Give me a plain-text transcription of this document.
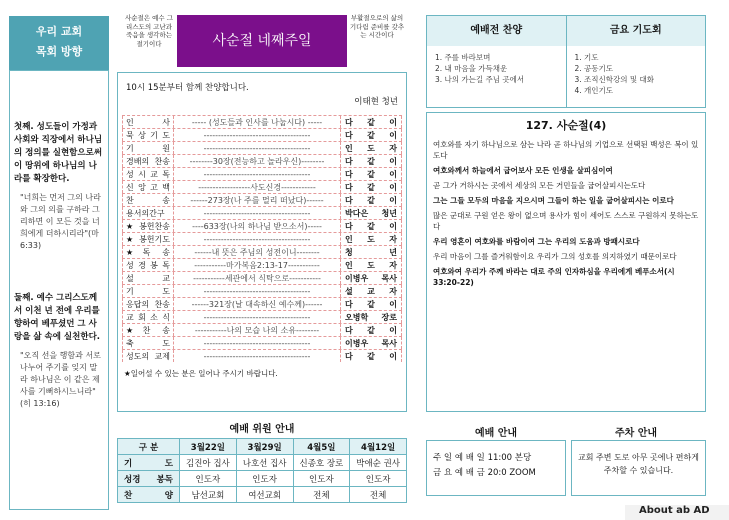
우리 교회
목회 방향
첫째. 성도들이 가정과 사회와 직장에서 하나님의 정의를 실현함으로써 이 땅위에 하나님의 나라를 확장한다.
"너희는 먼저 그의 나라와 그의 의를 구하라 그리하면 이 모든 것을 너희에게 더하시리라"(마 6:33)
둘째. 예수 그리스도께서 이천 년 전에 우리를 향하여 베푸셨던 그 사랑을 삶 속에 실천한다.
"오직 선을 행함과 서로 나누어 주기를 잊지 말라 하나님은 이 같은 제사를 기뻐하시느니라"(히 13:16)
사순절은 예수 그리스도의 고난과 죽음을 생각하는 절기이다	사순절 네째주일
부활절으로의 삶의 기다림 준비를 갖추는 시간이다
10시 15분부터 함께 찬양합니다.
이태현 청년
인 사	----- (성도들과 인사를 나눕시다) -----	다 같 이
묵 상 기 도	-------------------------------------	다 같 이
기 원	-------------------------------------	인 도 자
경배의 찬송	--------30장(전능하고 놀라우신)--------	다 같 이
성 시 교 독	-------------------------------------	다 같 이
신 앙 고 백	------------------사도신경------------	다 같 이
찬 송	------273장(나 주를 멀리 떠났다)------	다 같 이
용서의간구	-------------------------------------	박다은 청년
★봉헌찬송	----633장(나의 하나님 받으소서)-----	다 같 이
★봉헌기도	-------------------------------------	인 도 자
★독 송	------내 뜻은 주님의 성전이니--------	청 년
성 경 봉 독	-----------마가복음2:13-17-----------	인 도 자
설 교	-----------세관에서 식탁으로-----------	이병우 목사
기 도	-------------------------------------	설 교 자
응답의 찬송	------321장(날 대속하신 예수께)------	다 같 이
교 회 소 식	-------------------------------------	오병학 장로
★찬 송	-----------나의 모습 나의 소유--------	다 같 이
축 도	-------------------------------------	이병우 목사
성도의 교제	-------------------------------------	다 같 이
★일어설 수 있는 분은 일어나 주시기 바랍니다.
예배전 찬양
1. 주를 바라보며
2. 내 마음을 가득채운
3. 나의 가는길 주님 곳에서
금요 기도회
1. 기도
2. 공동기도
3. 조직신학강의 및 대화
4. 개인기도
127. 사순절(4)
여호와를 자기 하나님으로 삼는 나라 곧 하나님의 기업으로 선택된 백성은 복이 있도다
여호와께서 하늘에서 굽어보사 모든 인생을 살피심이여
곧 그가 거하시는 곳에서 세상의 모든 거민들을 굽어살피시는도다
그는 그들 모두의 마음을 지으시며 그들이 하는 일을 굽어살피시는 이로다
많은 군대로 구원 얻은 왕이 없으며 용사가 힘이 세어도 스스로 구원하지 못하는도다
우리 영혼이 여호와를 바람이여 그는 우리의 도움과 방패시로다
우리 마음이 그를 즐거워함이요 우리가 그의 성호를 의지하였기 때문이로다
여호와여 우리가 주께 바라는 대로 주의 인자하심을 우리에게 베푸소서(시 33:20-22)
예배 위원 안내
구 분	3월22일	3월29일	4월5일	4월12일
기 도	김진아 집사	나호선 집사	신종호 장로	박애순 권사
성경 봉독	인도자	인도자	인도자	인도자
찬 양	남선교회	여선교회	전체	전체
예배 안내	주차 안내
주 일 예 배 일 11:00 본당
금 요 예 배 금 20:0 ZOOM
교회 주변 도로 아무 곳에나 편하게 주차할 수 있습니다.
About ab AD
